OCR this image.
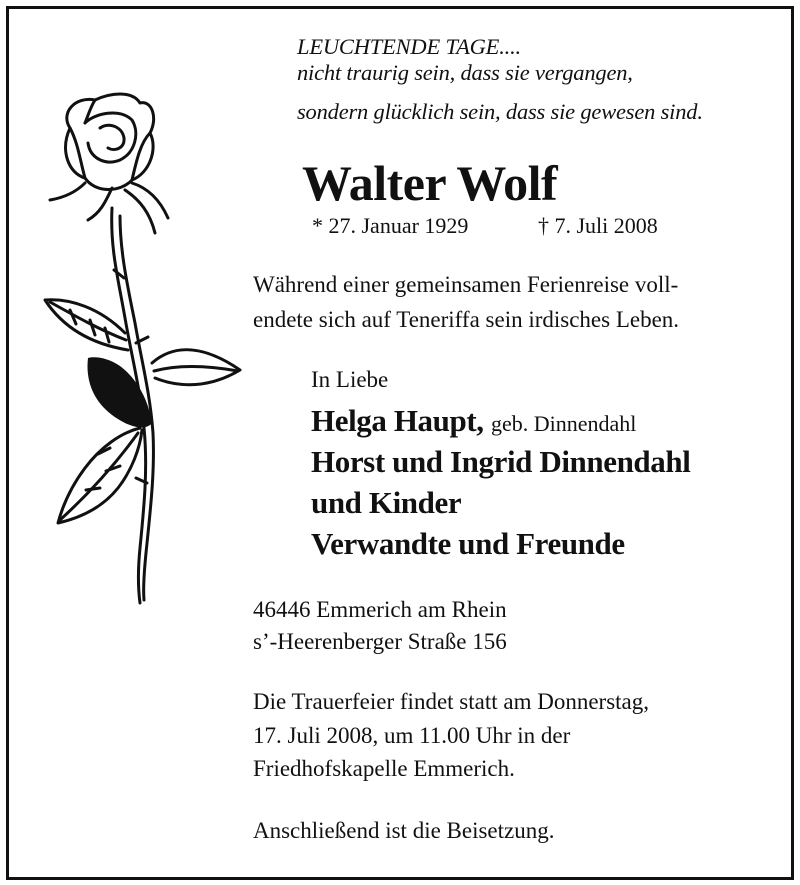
LEUCHTENDE TAGE....

nicht traurig sein, dass sie vergangen,

sondern glücklich sein, dass sie gewesen sind.

Walter Wolf

* 27. Januar 1929	† 7. Juli 2008

Während einer gemeinsamen Ferienreise voll-

endete sich auf Teneriffa sein irdisches Leben.

In Liebe

Helga Haupt, geb. Dinnendahl

Horst und Ingrid Dinnendahl

und Kinder

Verwandte und Freunde

46446 Emmerich am Rhein

s’-Heerenberger Straße 156

Die Trauerfeier findet statt am Donnerstag,

17. Juli 2008, um 11.00 Uhr in der

Friedhofskapelle Emmerich.

Anschließend ist die Beisetzung.
